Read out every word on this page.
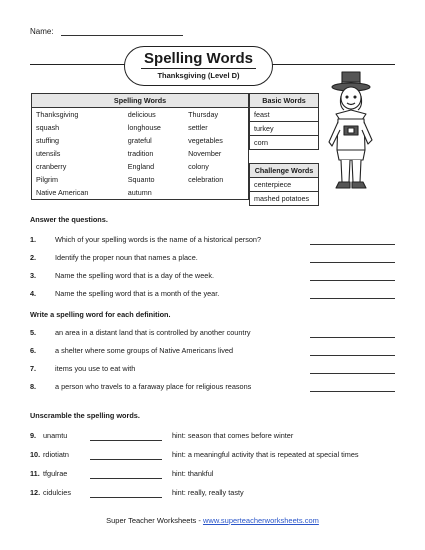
Name:
Spelling Words
Thanksgiving (Level D)
Spelling Words		
Thanksgiving	delicious	Thursday
squash	longhouse	settler
stuffing	grateful	vegetables
utensils	tradition	November
cranberry	England	colony
Pilgrim	Squanto	celebration
Native American	autumn	
Basic Words
feast
turkey
corn
Challenge Words
centerpiece
mashed potatoes
Answer the questions.
1.	Which of your spelling words is the name of a historical person?
2.	Identify the proper noun that names a place.
3.	Name the spelling word that is a day of the week.
4.	Name the spelling word that is a month of the year.
Write a spelling word for each definition.
5.	an area in a distant land that is controlled by another country
6.	a shelter where some groups of Native Americans lived
7.	items you use to eat with
8.	a person who travels to a faraway place for religious reasons
Unscramble the spelling words.
9. unamtu	hint: season that comes before winter
10. rdiotiatn	hint: a meaningful activity that is repeated at special times
11. tfgulrae	hint: thankful
12. cidulcies	hint: really, really tasty
Super Teacher Worksheets - www.superteacherworksheets.com
